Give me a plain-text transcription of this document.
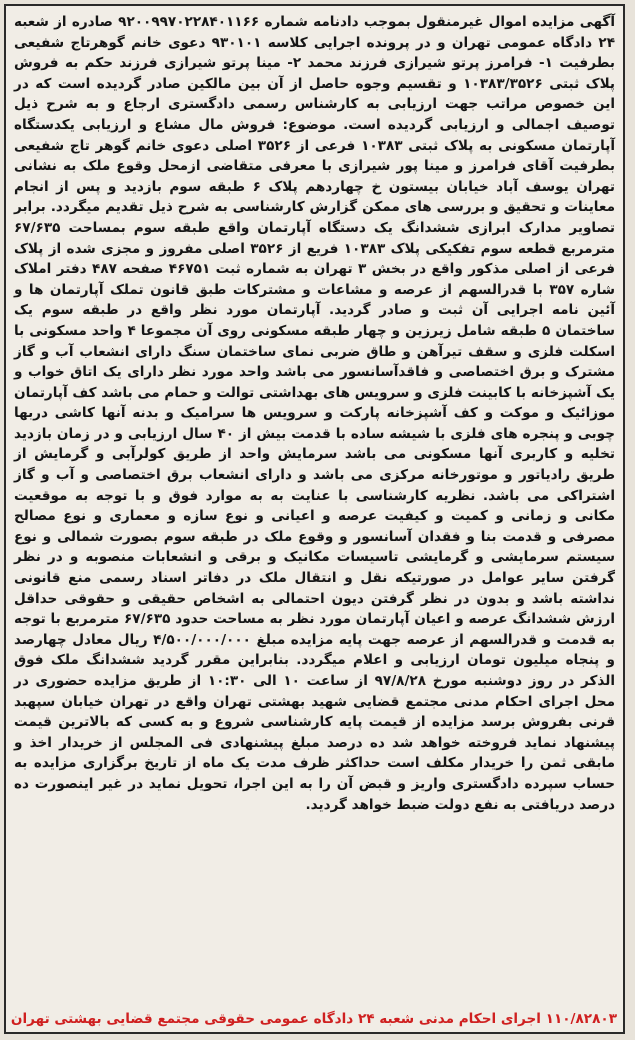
آگهی مزایده اموال غیرمنقول بموجب دادنامه شماره ۹۲۰۰۹۹۷۰۲۲۸۴۰۱۱۶۶ صادره از شعبه ۲۴ دادگاه عمومی تهران و در پرونده اجرایی کلاسه ۹۳۰۱۰۱ دعوی خانم گوهرتاج شفیعی بطرفیت ۱- فرامرز پرتو شیرازی فرزند محمد ۲- مینا پرتو شیرازی فرزند حکم به فروش پلاک ثبتی ۱۰۳۸۳/۳۵۲۶ و تقسیم وجوه حاصل از آن بین مالکین صادر گردیده است که در این خصوص مراتب جهت ارزیابی به کارشناس رسمی دادگستری ارجاع و به شرح ذیل توصیف اجمالی و ارزیابی گردیده است. موضوع: فروش مال مشاع و ارزیابی یکدستگاه آپارتمان مسکونی به پلاک ثبتی ۱۰۳۸۳ فرعی از ۳۵۲۶ اصلی دعوی خانم گوهر تاج شفیعی بطرفیت آقای فرامرز و مینا پور شیرازی با معرفی متقاضی ازمحل وقوع ملک به نشانی تهران یوسف آباد خیابان بیستون خ چهاردهم پلاک ۶ طبقه سوم بازدید و پس از انجام معاینات و تحقیق و بررسی های ممکن گزارش کارشناسی به شرح ذیل تقدیم میگردد. برابر تصاویر مدارک ابرازی ششدانگ یک دستگاه آپارتمان واقع طبقه سوم بمساحت ۶۷/۶۳۵ مترمربع قطعه سوم تفکیکی پلاک ۱۰۳۸۳ فریع از ۳۵۲۶ اصلی مفروز و مجزی شده از پلاک فرعی از اصلی مذکور واقع در بخش ۳ تهران به شماره ثبت ۴۶۷۵۱ صفحه ۴۸۷ دفتر املاک شاره ۳۵۷ با قدرالسهم از عرصه و مشاعات و مشترکات طبق قانون تملک آپارتمان ها و آئین نامه اجرایی آن ثبت و صادر گردید. آپارتمان مورد نظر واقع در طبقه سوم یک ساختمان ۵ طبقه شامل زیرزین و چهار طبقه مسکونی روی آن مجموعا ۴ واحد مسکونی با اسکلت فلزی و سقف تیرآهن و طاق ضربی نمای ساختمان سنگ دارای انشعاب آب و گاز مشترک و برق اختصاصی و فاقدآسانسور می باشد واحد مورد نظر دارای یک اتاق خواب و یک آشپزخانه با کابینت فلزی و سرویس های بهداشتی توالت و حمام می باشد کف آپارتمان موزائیک و موکت و کف آشپزخانه پارکت و سرویس ها سرامیک و بدنه آنها کاشی دربها چوبی و پنجره های فلزی با شیشه ساده با قدمت بیش از ۴۰ سال ارزیابی و در زمان بازدید تخلیه و کاربری آنها مسکونی می باشد سرمایش واحد از طریق کولرآبی و گرمایش از طریق رادیاتور و موتورخانه مرکزی می باشد و دارای انشعاب برق اختصاصی و آب و گاز اشتراکی می باشد. نظریه کارشناسی با عنایت به به موارد فوق و با توجه به موقعیت مکانی و زمانی و کمیت و کیفیت عرصه و اعیانی و نوع سازه و معماری و نوع مصالح مصرفی و قدمت بنا و فقدان آسانسور و وقوع ملک در طبقه سوم بصورت شمالی و نوع سیستم سرمایشی و گرمایشی تاسیسات مکانیک و برقی و انشعابات منصوبه و در نظر گرفتن سایر عوامل در صورتیکه نقل و انتقال ملک در دفاتر اسناد رسمی منع قانونی نداشته باشد و بدون در نظر گرفتن دیون احتمالی به اشخاص حقیقی و حقوقی حداقل ارزش ششدانگ عرصه و اعیان آپارتمان مورد نظر به مساحت حدود ۶۷/۶۳۵ مترمربع با توجه به قدمت و قدرالسهم از عرصه جهت پایه مزایده مبلغ ۴/۵۰۰/۰۰۰/۰۰۰ ریال معادل چهارصد و پنجاه میلیون تومان ارزیابی و اعلام میگردد. بنابراین مقرر گردید ششدانگ ملک فوق الذکر در روز دوشنبه مورخ ۹۷/۸/۲۸ از ساعت ۱۰ الی ۱۰:۳۰ از طریق مزایده حضوری در محل اجرای احکام مدنی مجتمع قضایی شهید بهشتی تهران واقع در تهران خیابان سپهبد قرنی بفروش برسد مزایده از قیمت پایه کارشناسی شروع و به کسی که بالاترین قیمت پیشنهاد نماید فروخته خواهد شد ده درصد مبلغ پیشنهادی فی المجلس از خریدار اخذ و مابقی ثمن را خریدار مکلف است حداکثر ظرف مدت یک ماه از تاریخ برگزاری مزایده به حساب سپرده دادگستری واریز و قبض آن را به این اجرا، تحویل نماید در غیر اینصورت ده درصد دریافتی به نفع دولت ضبط خواهد گردید.

۱۱۰/۸۲۸۰۳ اجرای احکام مدنی شعبه ۲۴ دادگاه عمومی حقوقی مجتمع قضایی بهشتی تهران
